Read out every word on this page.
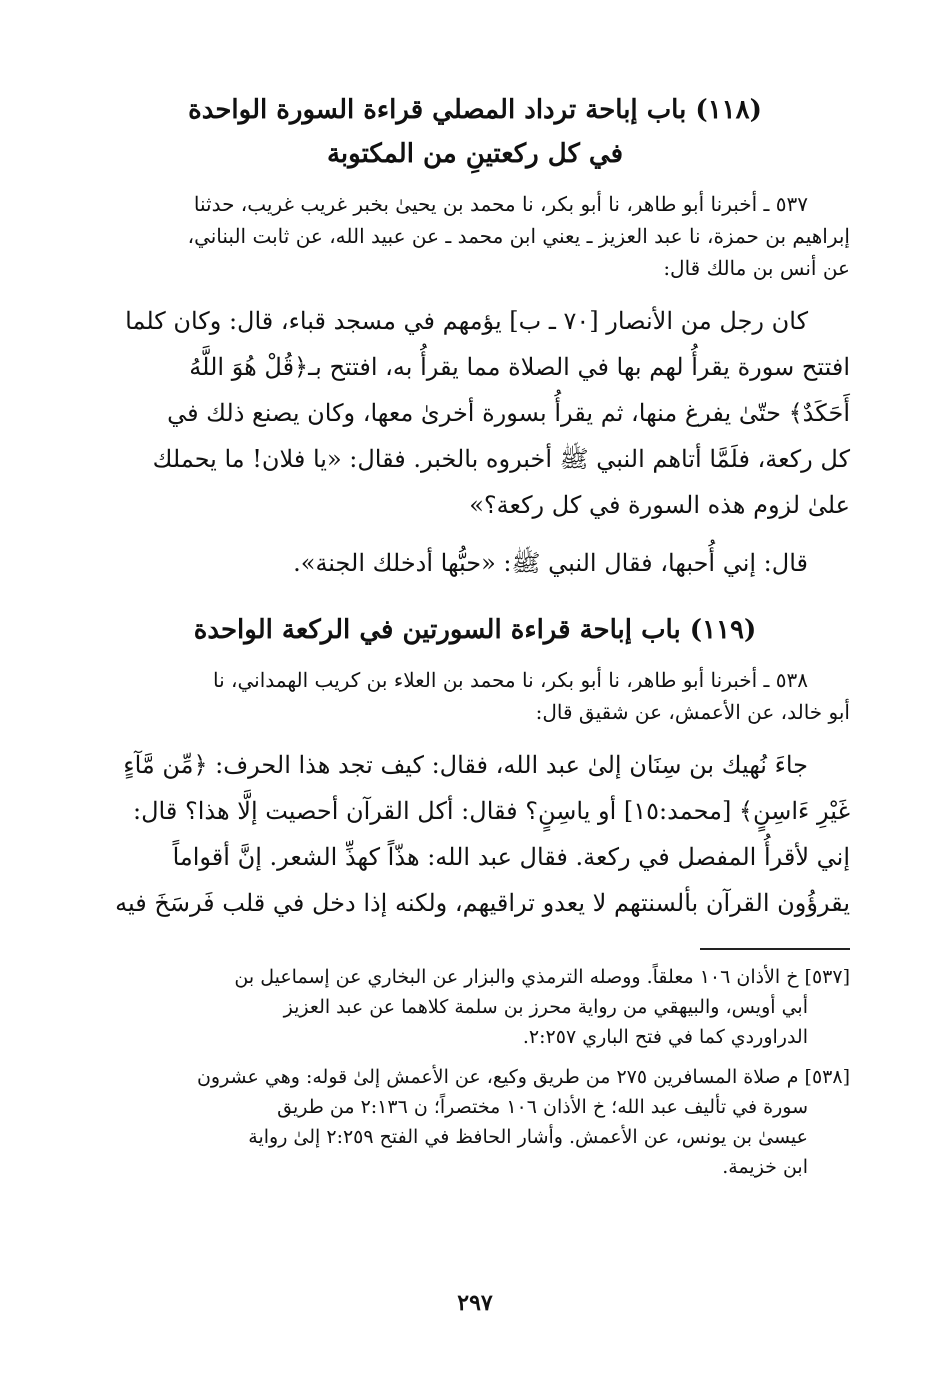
(١١٨) باب إباحة ترداد المصلي قراءة السورة الواحدة
في كل ركعتينِ من المكتوبة
٥٣٧ ـ أخبرنا أبو طاهر، نا أبو بكر، نا محمد بن يحيىٰ بخبر غريب غريب، حدثنا
إبراهيم بن حمزة، نا عبد العزيز ـ يعني ابن محمد ـ عن عبيد الله، عن ثابت البناني،
عن أنس بن مالك قال:
كان رجل من الأنصار [٧٠ ـ ب] يؤمهم في مسجد قباء، قال: وكان كلما
افتتح سورة يقرأُ لهم بها في الصلاة مما يقرأُ به، افتتح بـ﴿قُلْ هُوَ اللَّهُ
أَحَكَدٌ﴾ حتّىٰ يفرغ منها، ثم يقرأُ بسورة أخرىٰ معها، وكان يصنع ذلك في
كل ركعة، فلَمَّا أتاهم النبي ﷺ أخبروه بالخبر. فقال: «يا فلان! ما يحملك
علىٰ لزوم هذه السورة في كل ركعة؟»
قال: إني أُحبها، فقال النبي ﷺ: «حبُّها أدخلك الجنة».
(١١٩) باب إباحة قراءة السورتين في الركعة الواحدة
٥٣٨ ـ أخبرنا أبو طاهر، نا أبو بكر، نا محمد بن العلاء بن كريب الهمداني، نا
أبو خالد، عن الأعمش، عن شقيق قال:
جاءَ نُهيك بن سِنَان إلىٰ عبد الله، فقال: كيف تجد هذا الحرف: ﴿مِّن مَّآءٍ
غَيْرِ ءَاسِنٍ﴾ [محمد:١٥] أو ياسِنٍ؟ فقال: أكل القرآن أحصيت إلَّا هذا؟ قال:
إني لأقرأُ المفصل في ركعة. فقال عبد الله: هذّاً كهذِّ الشعر. إنَّ أقواماً
يقرؤُون القرآن بألسنتهم لا يعدو تراقيهم، ولكنه إذا دخل في قلب فَرسَخَ فيه
[٥٣٧] خ الأذان ١٠٦ معلقاً. ووصله الترمذي والبزار عن البخاري عن إسماعيل بن
أبي أويس، والبيهقي من رواية محرز بن سلمة كلاهما عن عبد العزيز
الدراوردي كما في فتح الباري ٢:٢٥٧.
[٥٣٨] م صلاة المسافرين ٢٧٥ من طريق وكيع، عن الأعمش إلىٰ قوله: وهي عشرون
سورة في تأليف عبد الله؛ خ الأذان ١٠٦ مختصراً؛ ن ٢:١٣٦ من طريق
عيسىٰ بن يونس، عن الأعمش. وأشار الحافظ في الفتح ٢:٢٥٩ إلىٰ رواية
ابن خزيمة.
٢٩٧
